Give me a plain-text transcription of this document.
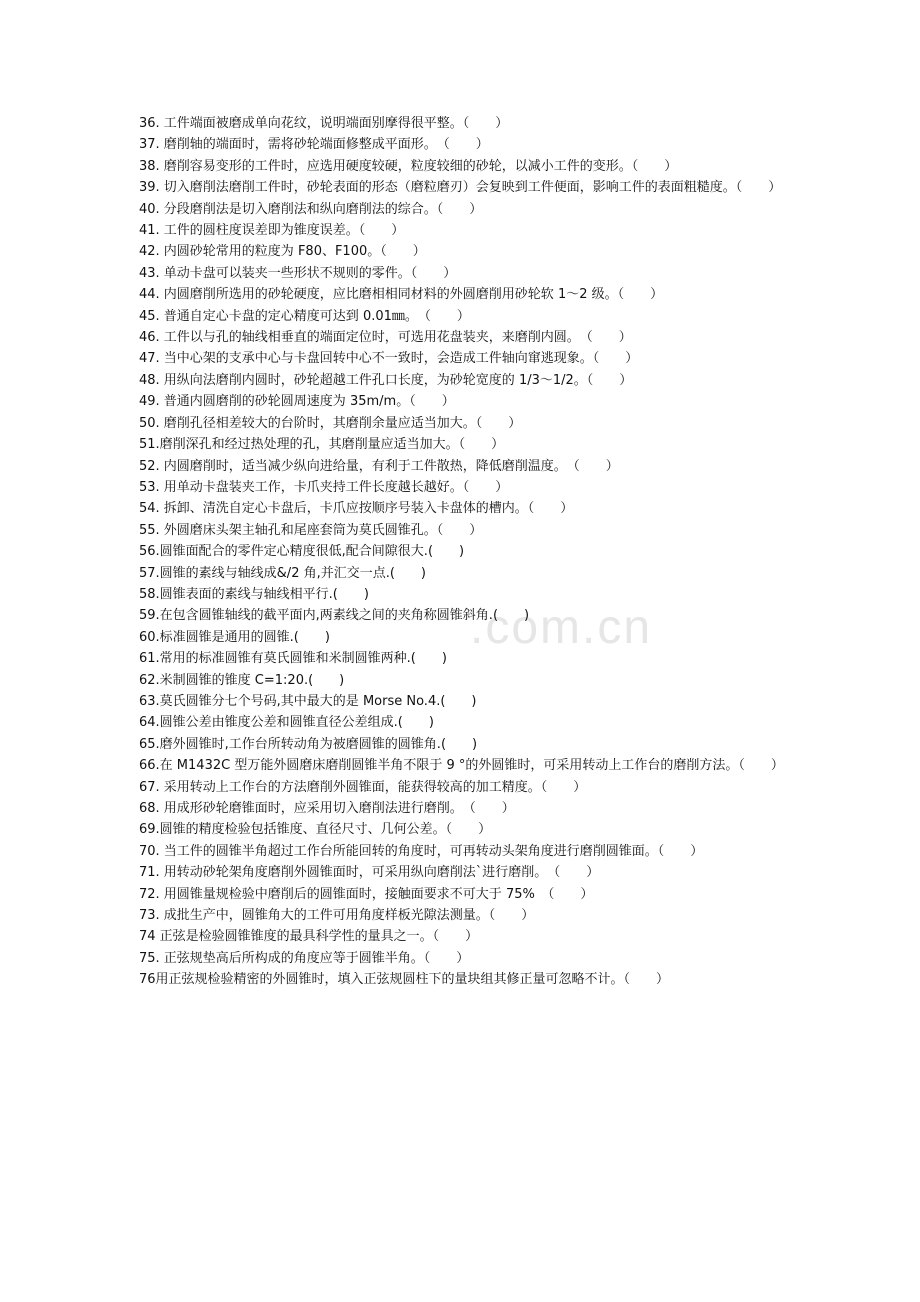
.com.cn

36. 工件端面被磨成单向花纹，说明端面别摩得很平整。（　　）

37. 磨削轴的端面时，需将砂轮端面修整成平面形。　（　　）

38. 磨削容易变形的工件时，应选用硬度较硬，粒度较细的砂轮，以减小工件的变形。（　　）

39. 切入磨削法磨削工件时，砂轮表面的形态（磨粒磨刃）会复映到工件便面，影响工件的表面粗糙度。（　　）

40. 分段磨削法是切入磨削法和纵向磨削法的综合。（　　）

41. 工件的圆柱度误差即为锥度误差。（　　）

42. 内圆砂轮常用的粒度为 F80、F100。（　　）

43. 单动卡盘可以装夹一些形状不规则的零件。（　　）

44. 内圆磨削所选用的砂轮硬度，应比磨相相同材料的外圆磨削用砂轮软 1～2 级。（　　）

45. 普通自定心卡盘的定心精度可达到 0.01㎜。　（　　）

46. 工件以与孔的轴线相垂直的端面定位时，可选用花盘装夹，来磨削内圆。　（　　）

47. 当中心架的支承中心与卡盘回转中心不一致时，会造成工件轴向窜逃现象。（　　）

48. 用纵向法磨削内圆时，砂轮超越工件孔口长度，为砂轮宽度的 1/3～1/2。（　　）

49. 普通内圆磨削的砂轮圆周速度为 35m/m。（　　）

50. 磨削孔径相差较大的台阶时，其磨削余量应适当加大。（　　）

51.磨削深孔和经过热处理的孔，其磨削量应适当加大。（　　）

52. 内圆磨削时，适当减少纵向进给量，有利于工件散热，降低磨削温度。　（　　）

53. 用单动卡盘装夹工作，卡爪夹持工件长度越长越好。（　　）

54. 拆卸、清洗自定心卡盘后，卡爪应按顺序号装入卡盘体的槽内。（　　）

55. 外圆磨床头架主轴孔和尾座套筒为莫氏圆锥孔。（　　）

56.圆锥面配合的零件定心精度很低,配合间隙很大.(　　)

57.圆锥的素线与轴线成&/2 角,并汇交一点.(　　)

58.圆锥表面的素线与轴线相平行.(　　)

59.在包含圆锥轴线的截平面内,两素线之间的夹角称圆锥斜角.(　　)

60.标准圆锥是通用的圆锥.(　　)

61.常用的标准圆锥有莫氏圆锥和米制圆锥两种.(　　)

62.米制圆锥的锥度 C=1:20.(　　)

63.莫氏圆锥分七个号码,其中最大的是 Morse No.4.(　　)

64.圆锥公差由锥度公差和圆锥直径公差组成.(　　)

65.磨外圆锥时,工作台所转动角为被磨圆锥的圆锥角.(　　)

66.在 M1432C 型万能外圆磨床磨削圆锥半角不限于 9 °的外圆锥时，可采用转动上工作台的磨削方法。（　　）

67. 采用转动上工作台的方法磨削外圆锥面，能获得较高的加工精度。（　　）

68. 用成形砂轮磨锥面时，应采用切入磨削法进行磨削。　（　　）

69.圆锥的精度检验包括锥度、直径尺寸、几何公差。（　　）

70. 当工件的圆锥半角超过工作台所能回转的角度时，可再转动头架角度进行磨削圆锥面。（　　）

71. 用转动砂轮架角度磨削外圆锥面时，可采用纵向磨削法`进行磨削。　（　　）

72. 用圆锥量规检验中磨削后的圆锥面时，接触面要求不可大于 75%　（　　）

73. 成批生产中，圆锥角大的工件可用角度样板光隙法测量。（　　）

74 正弦是检验圆锥锥度的最具科学性的量具之一。（　　）

75. 正弦规垫高后所构成的角度应等于圆锥半角。（　　）

76用正弦规检验精密的外圆锥时，填入正弦规圆柱下的量块组其修正量可忽略不计。（　　）
